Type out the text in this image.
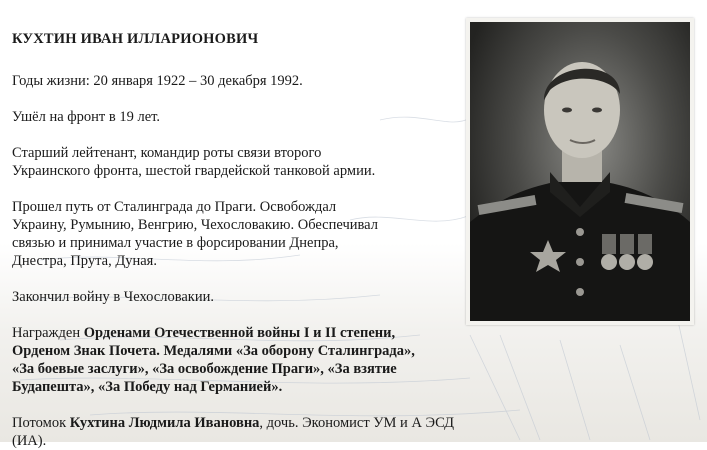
КУХТИН ИВАН ИЛЛАРИОНОВИЧ

Годы жизни: 20 января 1922 – 30 декабря 1992.

Ушёл на фронт в 19 лет.

Старший лейтенант, командир роты связи второго

Украинского фронта, шестой гвардейской танковой армии.

Прошел путь от Сталинграда до Праги. Освобождал

Украину, Румынию, Венгрию, Чехословакию. Обеспечивал

связью и принимал участие в форсировании Днепра,

Днестра, Прута, Дуная.

Закончил войну в Чехословакии.

Награжден Орденами Отечественной войны I и II степени,

Орденом Знак Почета. Медалями «За оборону Сталинграда»,

«За боевые заслуги», «За освобождение Праги», «За взятие

Будапешта», «За Победу над Германией».

Потомок Кухтина Людмила Ивановна, дочь. Экономист УМ и А ЭСД (ИА).
